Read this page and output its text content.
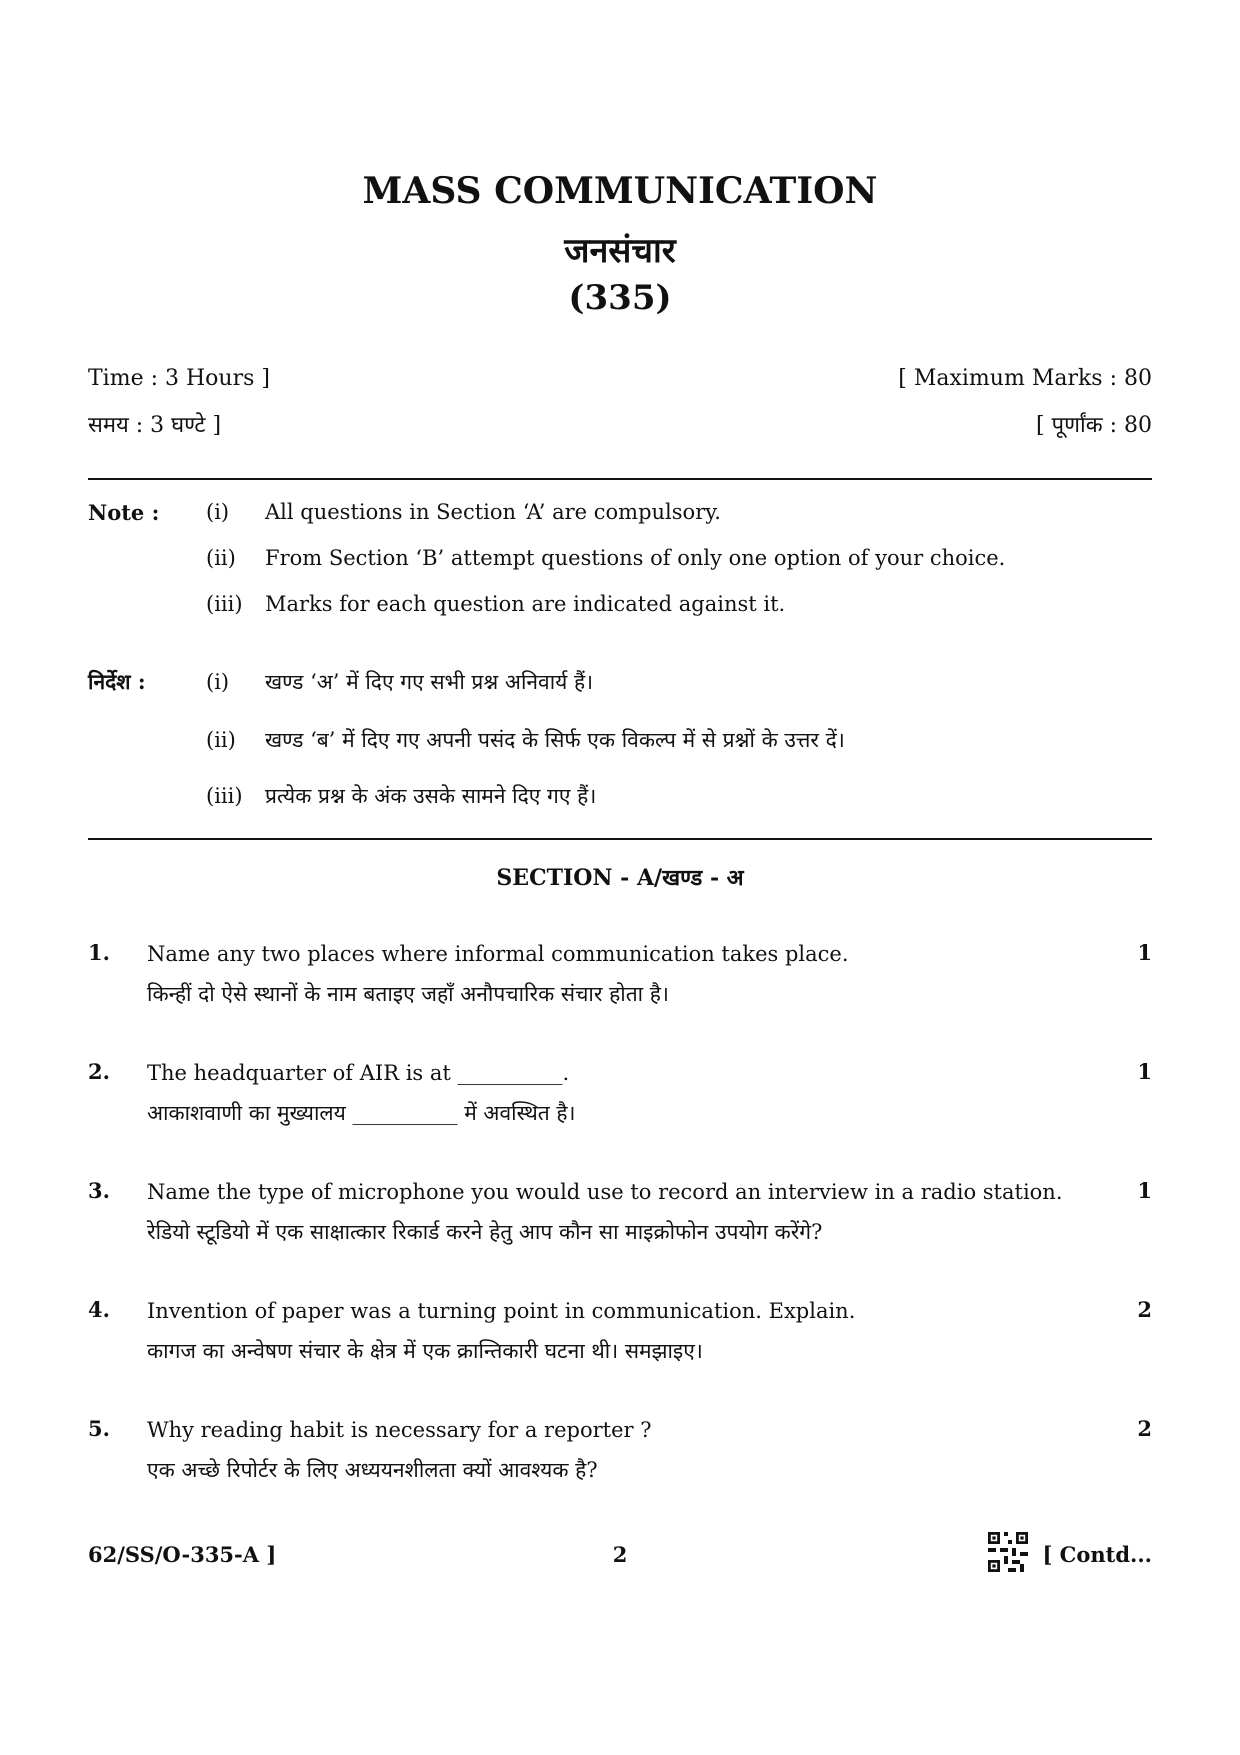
MASS COMMUNICATION
जनसंचार
(335)
Time : 3 Hours ]
समय : 3 घण्टे ]
[ Maximum Marks : 80
[ पूर्णांक : 80
Note : (i) All questions in Section ‘A’ are compulsory.
(ii) From Section ‘B’ attempt questions of only one option of your choice.
(iii) Marks for each question are indicated against it.
निर्देश :	(i) खण्ड ‘अ’ में दिए गए सभी प्रश्न अनिवार्य हैं।
(ii) खण्ड ‘ब’ में दिए गए अपनी पसंद के सिर्फ एक विकल्प में से प्रश्नों के उत्तर दें।
(iii) प्रत्येक प्रश्न के अंक उसके सामने दिए गए हैं।
SECTION - A/खण्ड - अ
1. Name any two places where informal communication takes place.
किन्हीं दो ऐसे स्थानों के नाम बताइए जहाँ अनौपचारिक संचार होता है।
1
2. The headquarter of AIR is at __________.
आकाशवाणी का मुख्यालय __________ में अवस्थित है।
1
3. Name the type of microphone you would use to record an interview in a radio station.
रेडियो स्टूडियो में एक साक्षात्कार रिकार्ड करने हेतु आप कौन सा माइक्रोफोन उपयोग करेंगे?
1
4. Invention of paper was a turning point in communication. Explain.
कागज का अन्वेषण संचार के क्षेत्र में एक क्रान्तिकारी घटना थी। समझाइए।
2
5. Why reading habit is necessary for a reporter ?
एक अच्छे रिपोर्टर के लिए अध्ययनशीलता क्यों आवश्यक है?
2
62/SS/O-335-A ]	2	[ Contd...
